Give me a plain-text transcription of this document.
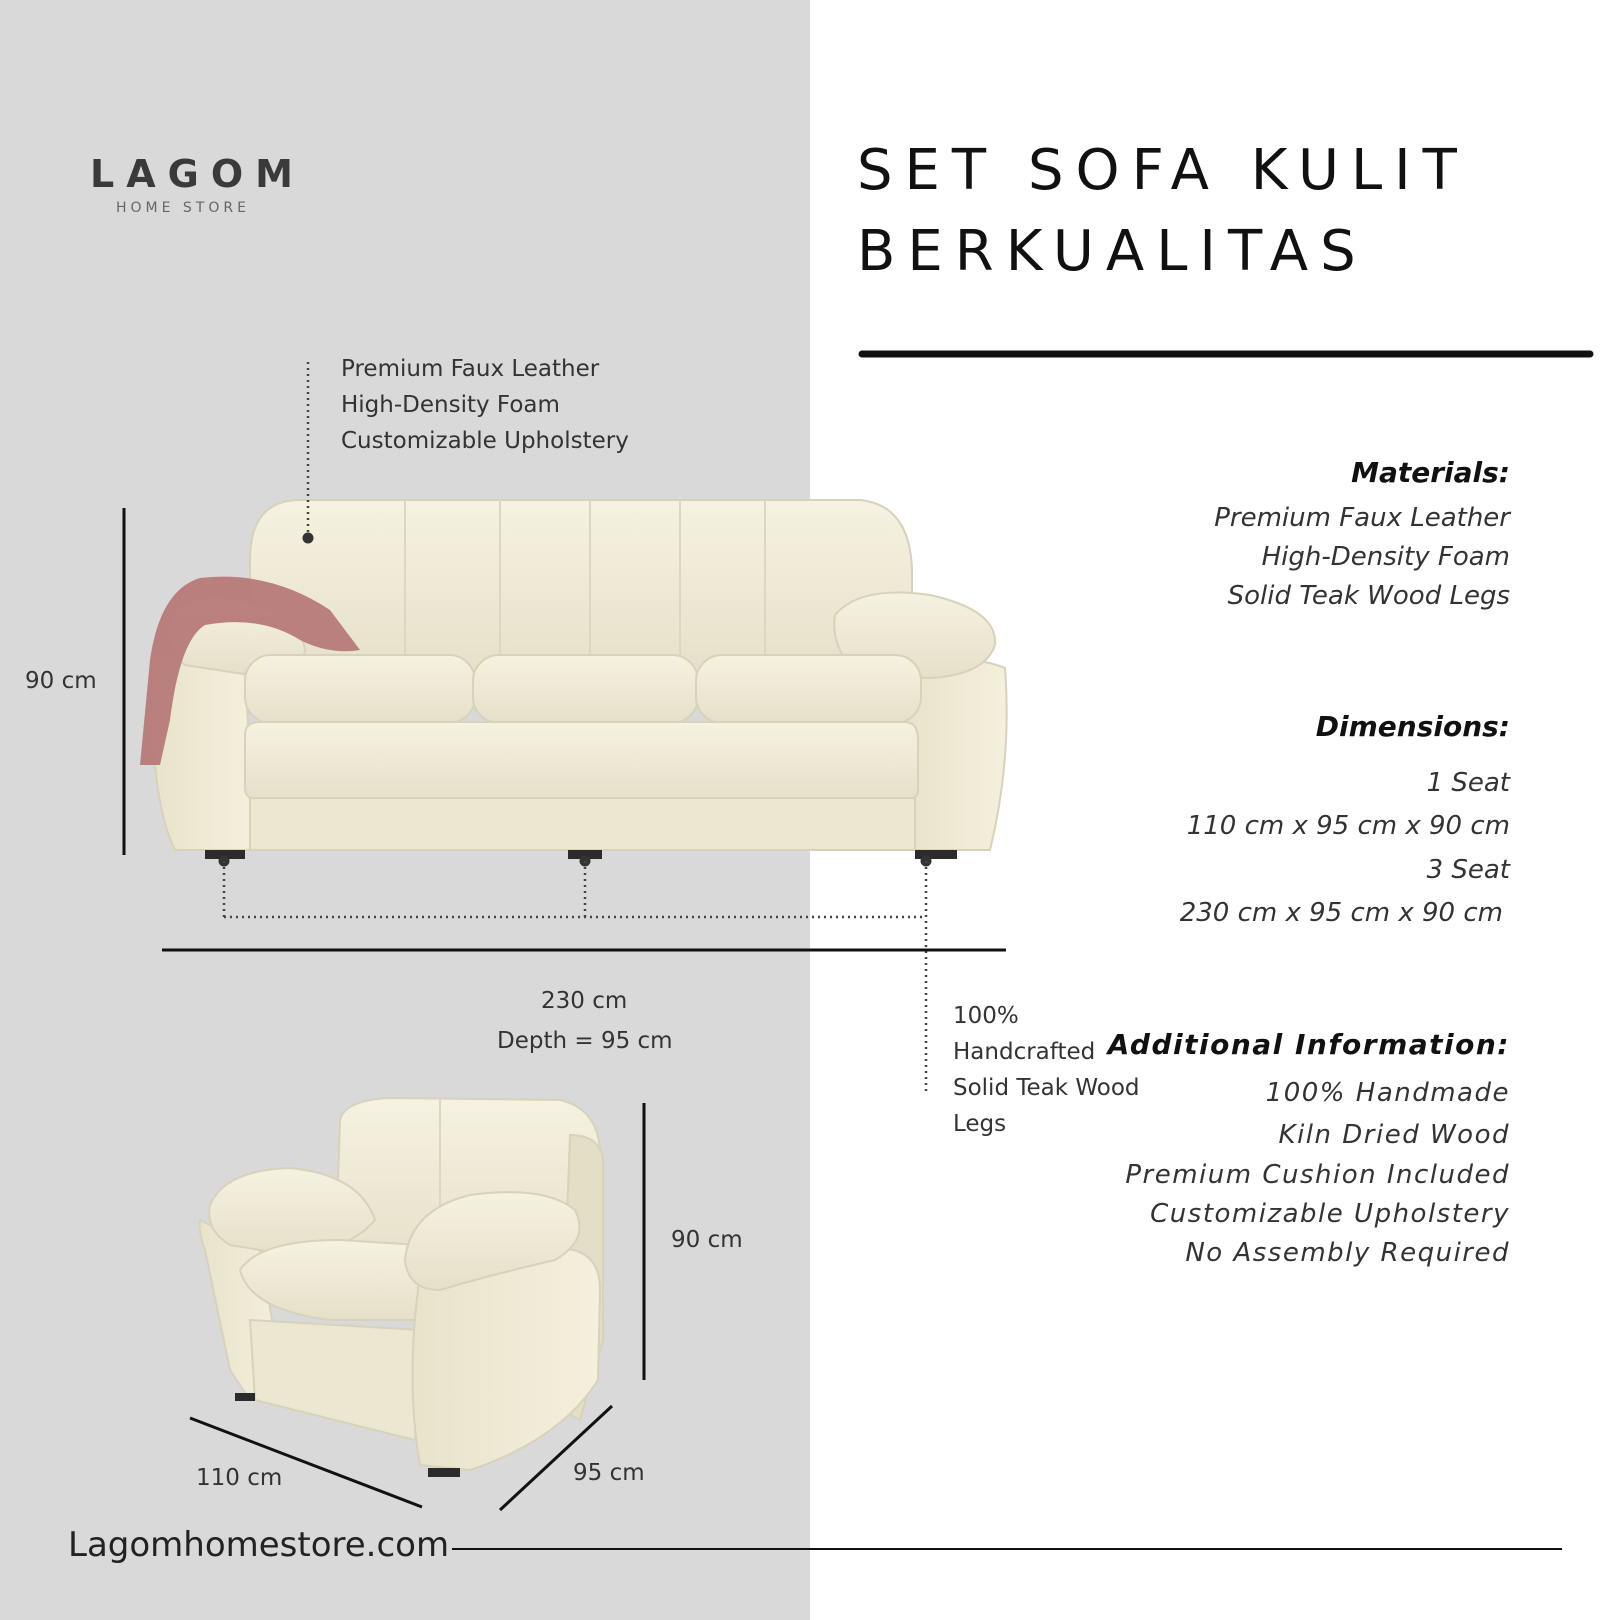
LAGOM
HOME STORE
SET SOFA KULIT
BERKUALITAS
Premium Faux Leather
High-Density Foam
Customizable Upholstery
100%
Handcrafted
Solid Teak Wood
Legs
90 cm
230 cm
Depth = 95 cm
90 cm
110 cm	95 cm
Materials:
Premium Faux Leather
High-Density Foam
Solid Teak Wood Legs
Dimensions:
1 Seat
110 cm x 95 cm x 90 cm
3 Seat
230 cm x 95 cm x 90 cm
Additional Information:
100% Handmade
Kiln Dried Wood
Premium Cushion Included
Customizable Upholstery
No Assembly Required
Lagomhomestore.com
